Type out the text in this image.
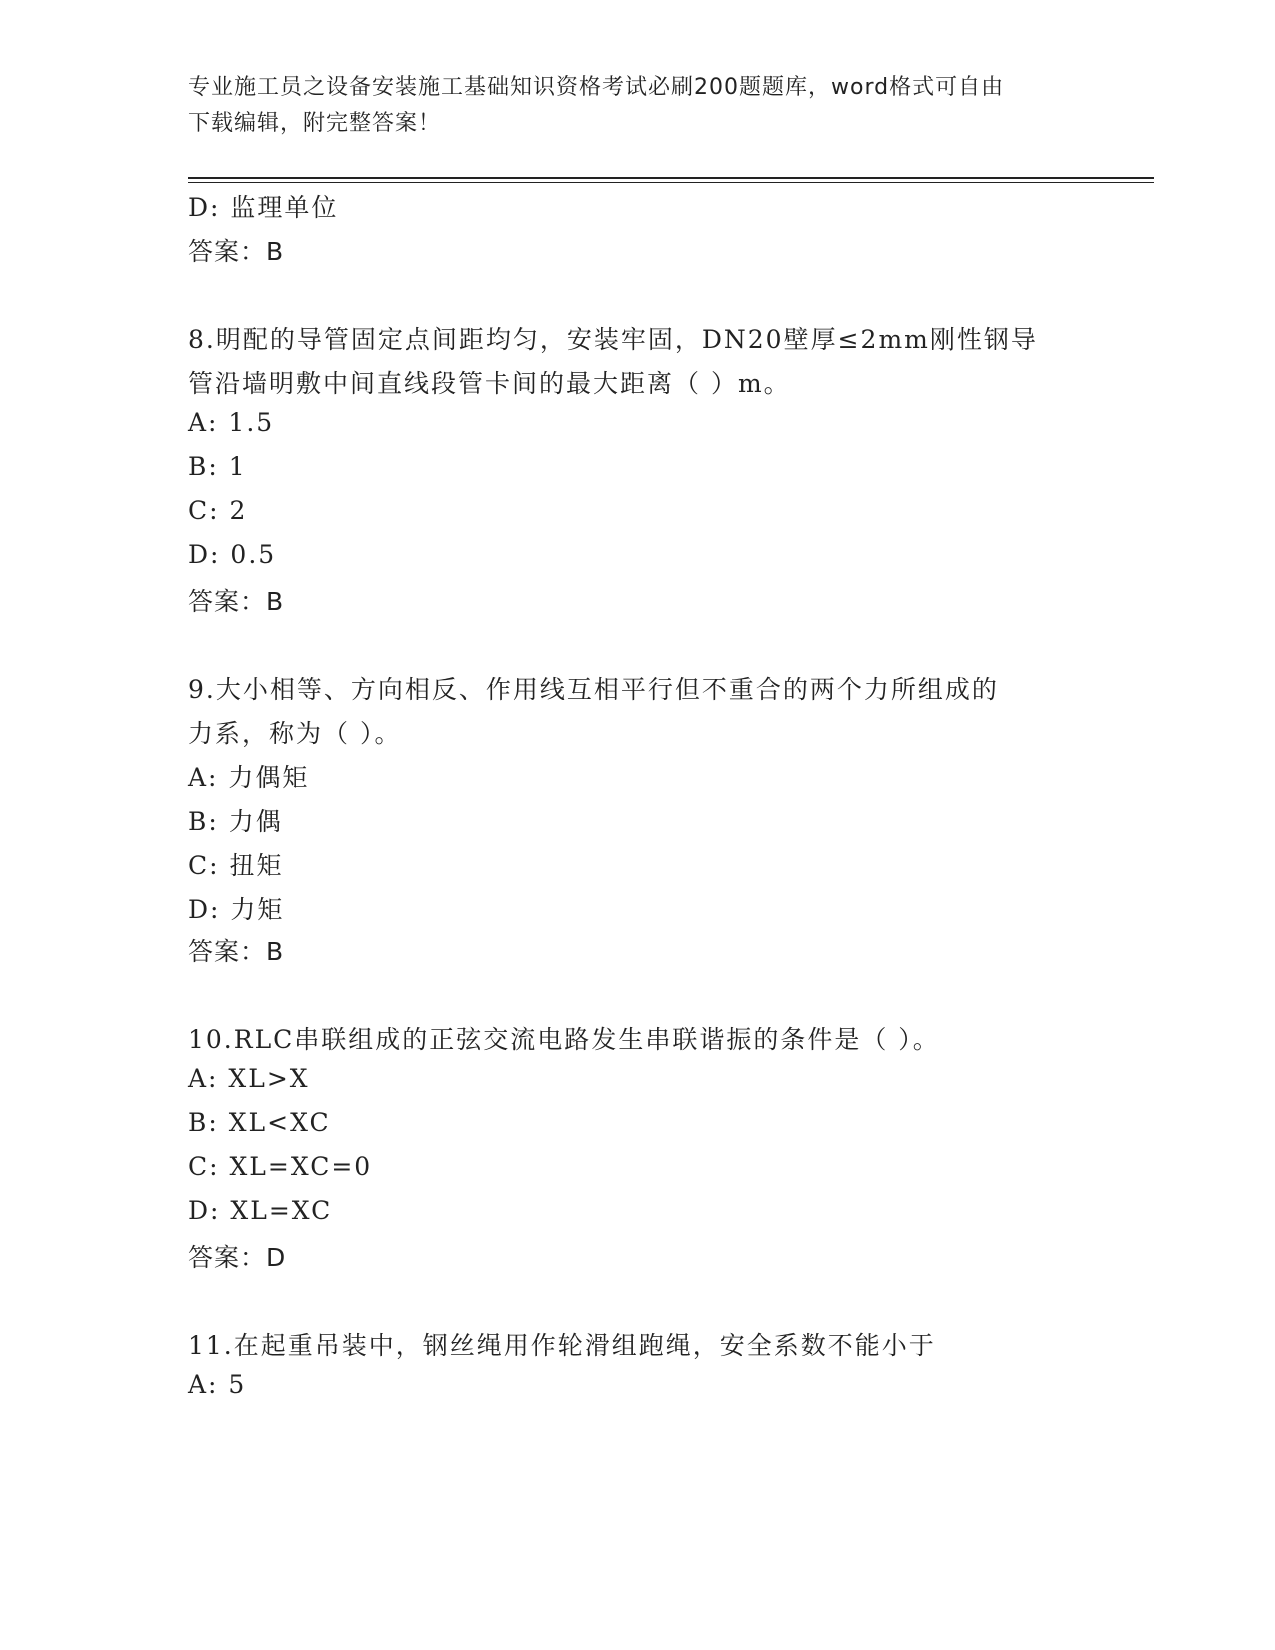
专业施工员之设备安装施工基础知识资格考试必刷200题题库，word格式可自由
下载编辑，附完整答案！
D: 监理单位
答案：B
8.明配的导管固定点间距均匀，安装牢固，DN20壁厚≤2mm刚性钢导
管沿墙明敷中间直线段管卡间的最大距离（ ）m。
A: 1.5
B: 1
C: 2
D: 0.5
答案：B
9.大小相等、方向相反、作用线互相平行但不重合的两个力所组成的
力系，称为（ ）。
A: 力偶矩
B: 力偶
C: 扭矩
D: 力矩
答案：B
10.RLC串联组成的正弦交流电路发生串联谐振的条件是（ ）。
A: XL>X
B: XL<XC
C: XL=XC=0
D: XL=XC
答案：D
11.在起重吊装中，钢丝绳用作轮滑组跑绳，安全系数不能小于
A: 5
